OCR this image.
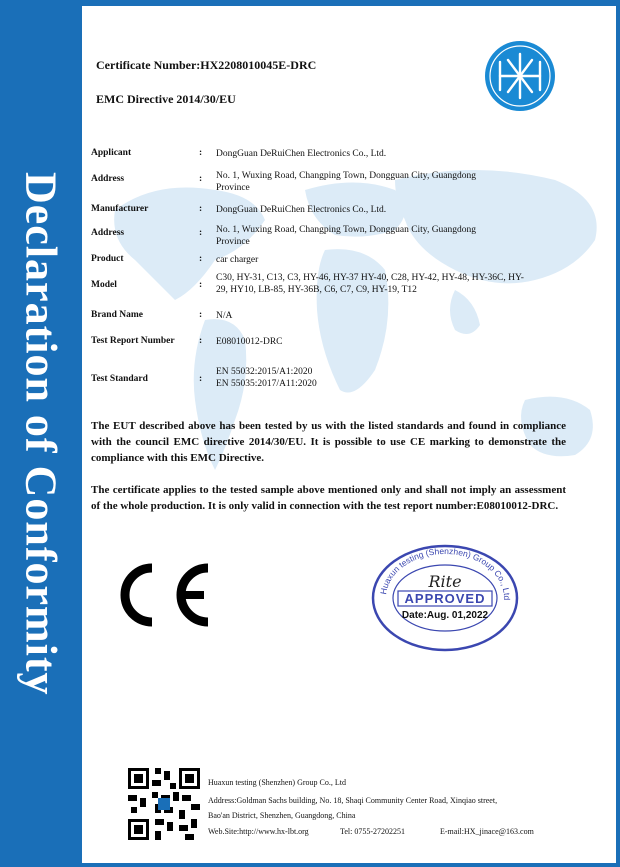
Declaration of Conformity
Certificate Number:HX2208010045E-DRC
EMC Directive 2014/30/EU
Applicant	: DongGuan DeRuiChen Electronics Co., Ltd.
Address	: No. 1, Wuxing Road, Changping Town, Dongguan City, Guangdong Province
Manufacturer	: DongGuan DeRuiChen Electronics Co., Ltd.
Address	: No. 1, Wuxing Road, Changping Town, Dongguan City, Guangdong Province
Product	: car charger
Model	:
C30, HY-31, C13, C3, HY-46, HY-37 HY-40, C28, HY-42, HY-48, HY-36C, HY-29, HY10, LB-85, HY-36B, C6, C7, C9, HY-19, T12
Brand Name	: N/A
Test Report Number	: E08010012-DRC
Test Standard	:
EN 55032:2015/A1:2020
EN 55035:2017/A11:2020
The EUT described above has been tested by us with the listed standards and found in compliance with the council EMC directive 2014/30/EU. It is possible to use CE marking to demonstrate the compliance with this EMC Directive.
The certificate applies to the tested sample above mentioned only and shall not imply an assessment of the whole production. It is only valid in connection with the test report number:E08010012-DRC.
Huaxun testing (Shenzhen) Group Co., Ltd
Rite
APPROVED
Date:Aug. 01,2022
Huaxun testing (Shenzhen) Group Co., Ltd
Address:Goldman Sachs building, No. 18, Shaqi Community Center Road, Xinqiao street,
Bao'an District, Shenzhen, Guangdong, China
Web.Site:http://www.hx-lbt.org	Tel: 0755-27202251	E-mail:HX_jinace@163.com
